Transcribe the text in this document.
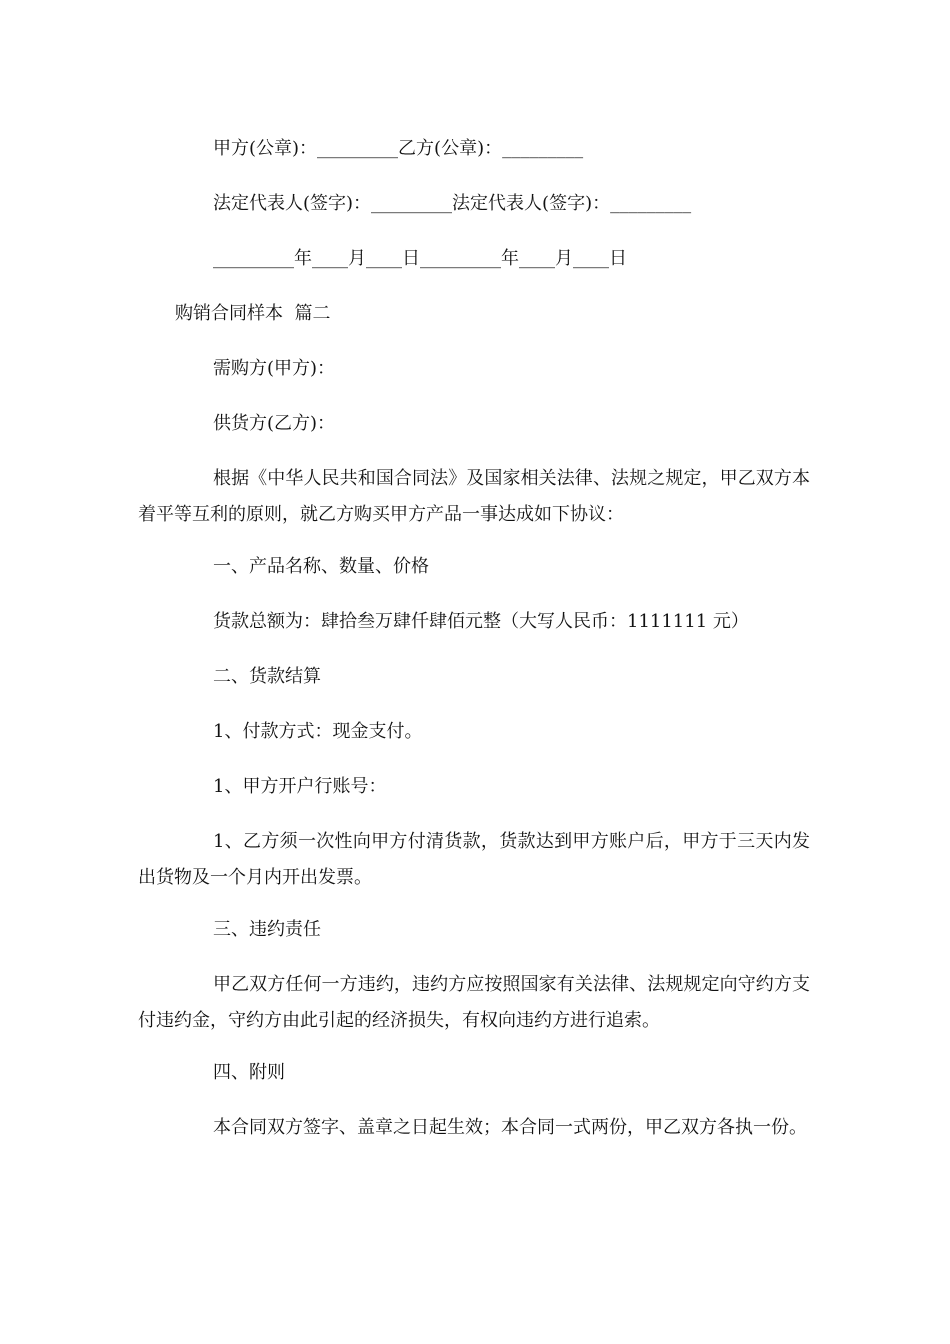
甲方(公章)：_________乙方(公章)：_________
法定代表人(签字)：_________法定代表人(签字)：_________
_________年____月____日_________年____月____日
购销合同样本  篇二
需购方(甲方)：
供货方(乙方)：
根据《中华人民共和国合同法》及国家相关法律、法规之规定，甲乙双方本着平等互利的原则，就乙方购买甲方产品一事达成如下协议：
一、产品名称、数量、价格
货款总额为：肆拾叁万肆仟肆佰元整（大写人民币：1111111 元）
二、货款结算
1、付款方式：现金支付。
1、甲方开户行账号：
1、乙方须一次性向甲方付清货款，货款达到甲方账户后，甲方于三天内发出货物及一个月内开出发票。
三、违约责任
甲乙双方任何一方违约，违约方应按照国家有关法律、法规规定向守约方支付违约金，守约方由此引起的经济损失，有权向违约方进行追索。
四、附则
本合同双方签字、盖章之日起生效；本合同一式两份，甲乙双方各执一份。
